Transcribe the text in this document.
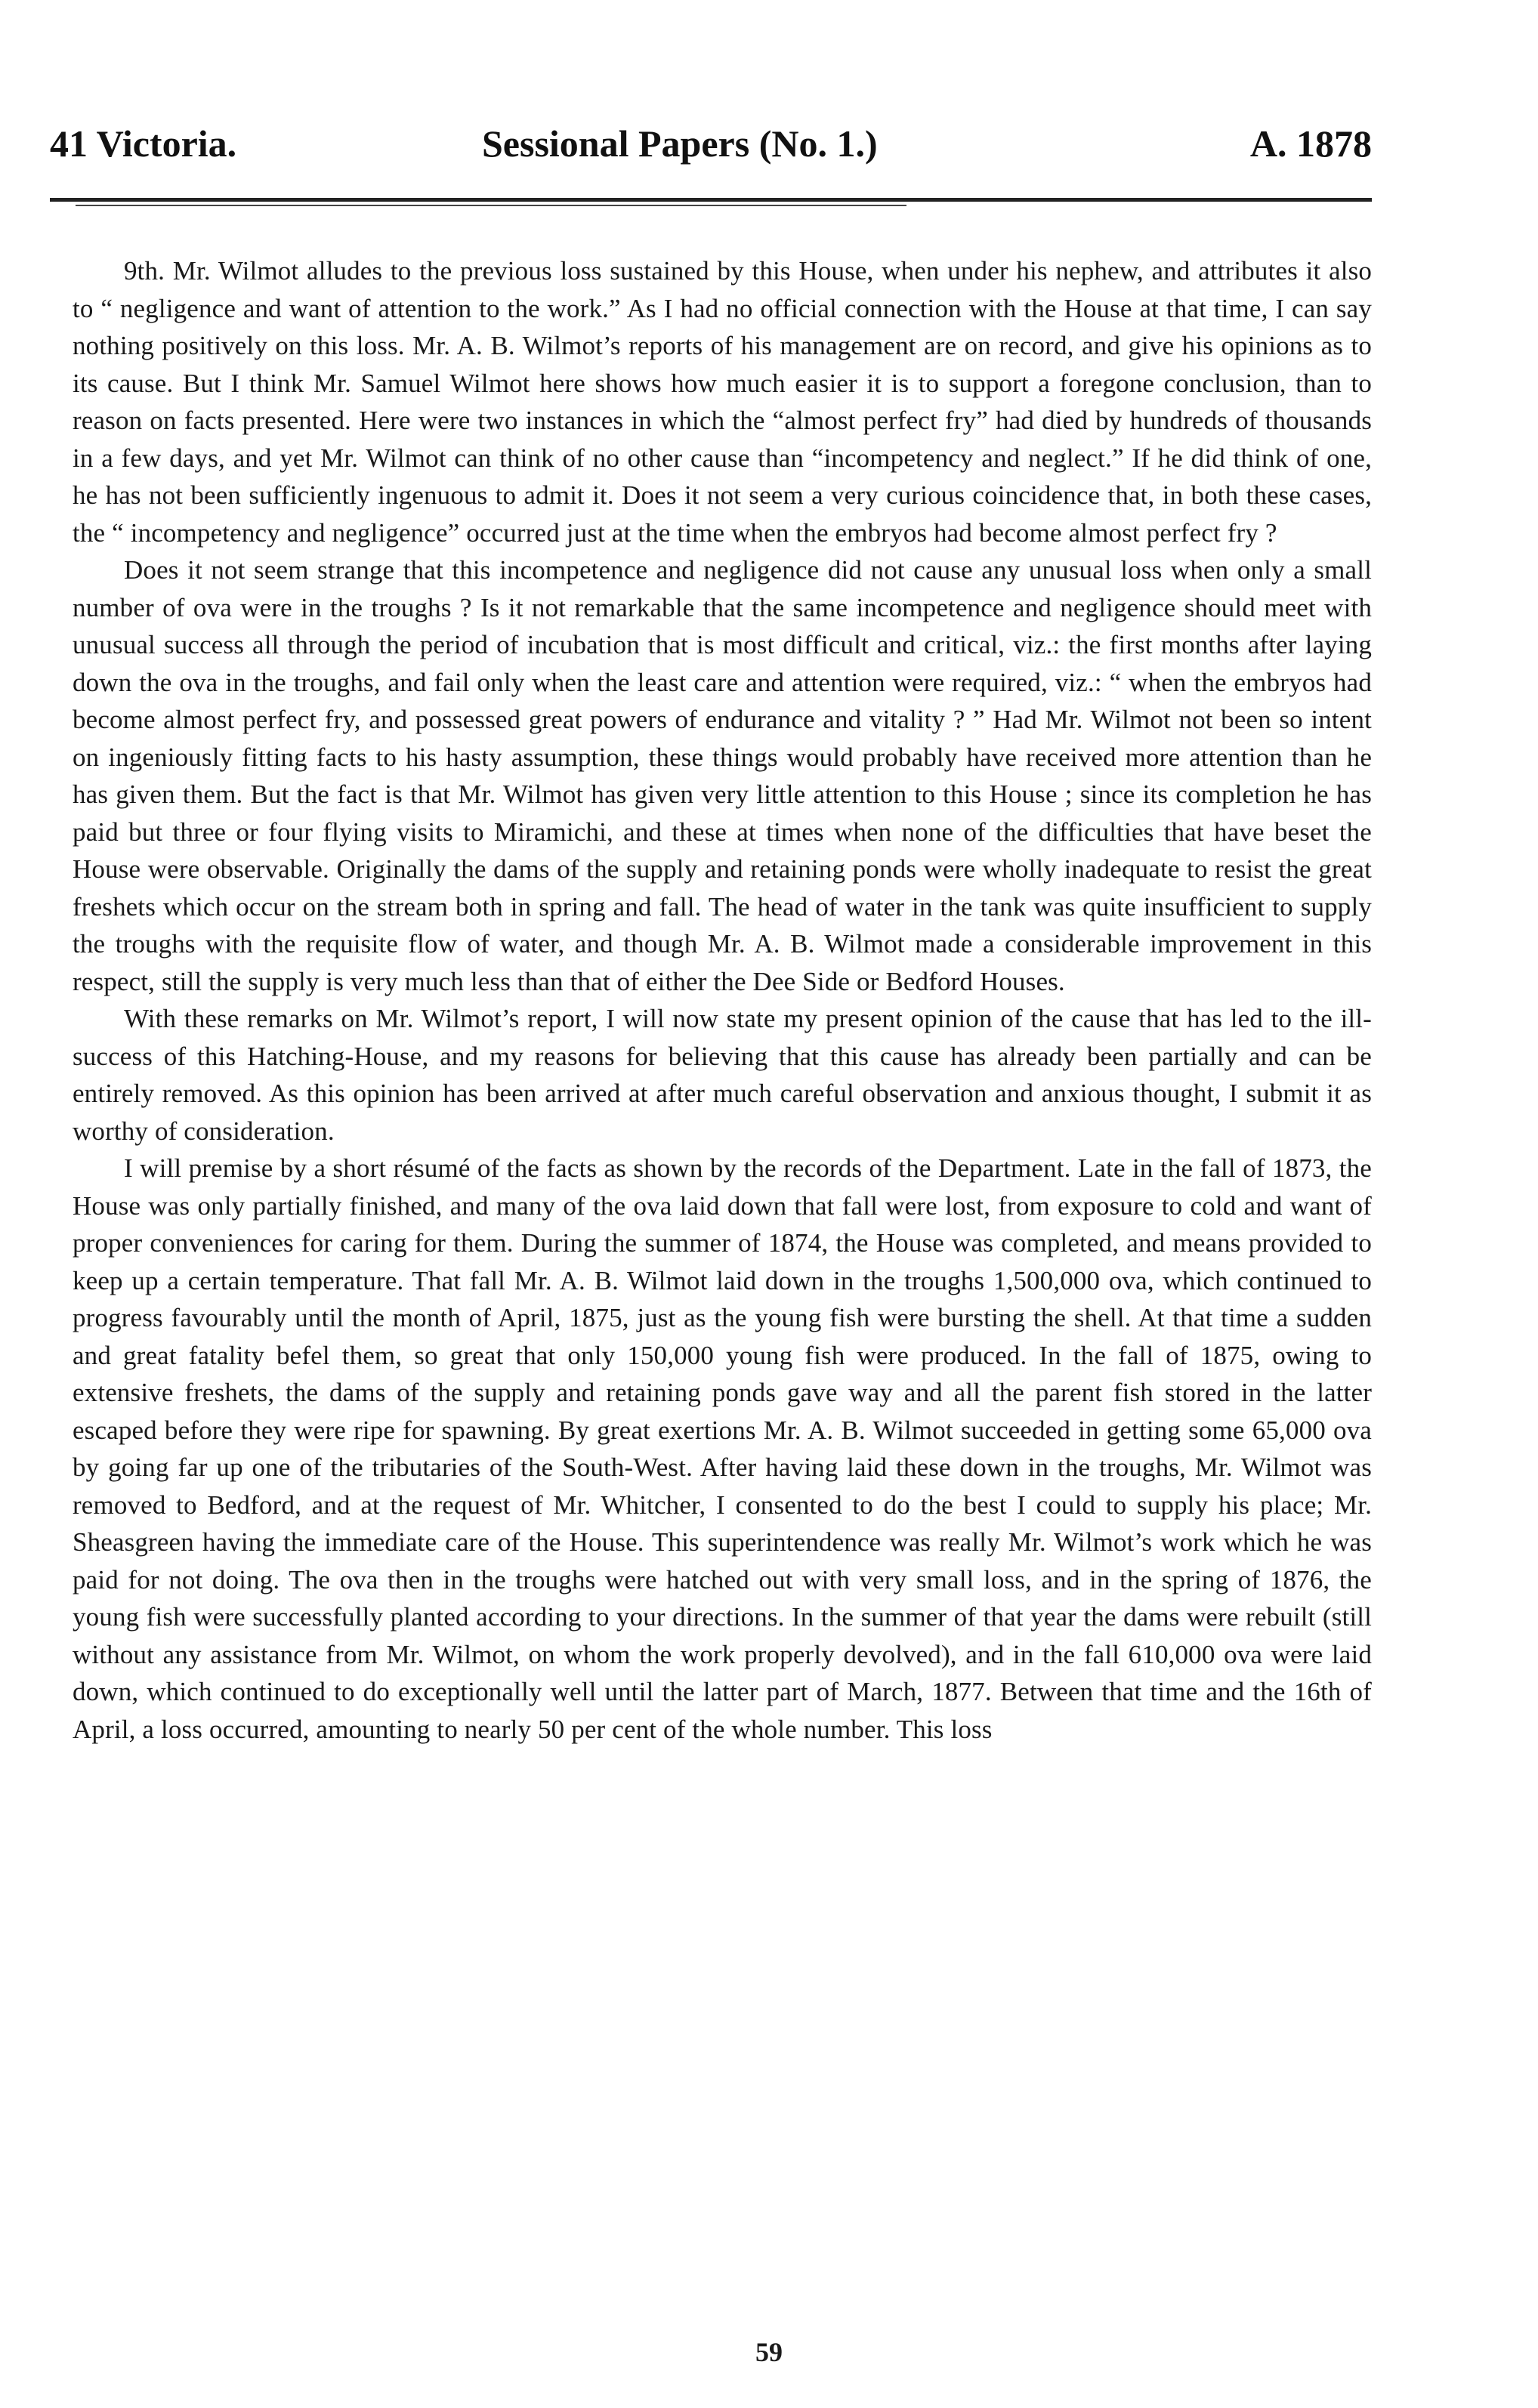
41 Victoria.	Sessional Papers (No. 1.)	A. 1878

9th. Mr. Wilmot alludes to the previous loss sustained by this House, when under his nephew, and attributes it also to “ negligence and want of attention to the work.” As I had no official connection with the House at that time, I can say nothing positively on this loss. Mr. A. B. Wilmot’s reports of his management are on record, and give his opinions as to its cause. But I think Mr. Samuel Wilmot here shows how much easier it is to support a foregone conclusion, than to reason on facts presented. Here were two instances in which the “almost perfect fry” had died by hundreds of thousands in a few days, and yet Mr. Wilmot can think of no other cause than “incompetency and neglect.” If he did think of one, he has not been sufficiently ingenuous to admit it. Does it not seem a very curious coincidence that, in both these cases, the “ incompetency and negligence” occurred just at the time when the embryos had become almost perfect fry ?

Does it not seem strange that this incompetence and negligence did not cause any unusual loss when only a small number of ova were in the troughs ? Is it not remarkable that the same incompetence and negligence should meet with unusual success all through the period of incubation that is most difficult and critical, viz.: the first months after laying down the ova in the troughs, and fail only when the least care and attention were required, viz.: “ when the embryos had become almost perfect fry, and possessed great powers of endurance and vitality ? ” Had Mr. Wilmot not been so intent on ingeniously fitting facts to his hasty assumption, these things would probably have received more attention than he has given them. But the fact is that Mr. Wilmot has given very little attention to this House ; since its completion he has paid but three or four flying visits to Miramichi, and these at times when none of the difficulties that have beset the House were observable. Originally the dams of the supply and retaining ponds were wholly inadequate to resist the great freshets which occur on the stream both in spring and fall. The head of water in the tank was quite insufficient to supply the troughs with the requisite flow of water, and though Mr. A. B. Wilmot made a considerable improvement in this respect, still the supply is very much less than that of either the Dee Side or Bedford Houses.

With these remarks on Mr. Wilmot’s report, I will now state my present opinion of the cause that has led to the ill-success of this Hatching-House, and my reasons for believing that this cause has already been partially and can be entirely removed. As this opinion has been arrived at after much careful observation and anxious thought, I submit it as worthy of consideration.

I will premise by a short résumé of the facts as shown by the records of the Department. Late in the fall of 1873, the House was only partially finished, and many of the ova laid down that fall were lost, from exposure to cold and want of proper conveniences for caring for them. During the summer of 1874, the House was completed, and means provided to keep up a certain temperature. That fall Mr. A. B. Wilmot laid down in the troughs 1,500,000 ova, which continued to progress favourably until the month of April, 1875, just as the young fish were bursting the shell. At that time a sudden and great fatality befel them, so great that only 150,000 young fish were produced. In the fall of 1875, owing to extensive freshets, the dams of the supply and retaining ponds gave way and all the parent fish stored in the latter escaped before they were ripe for spawning. By great exertions Mr. A. B. Wilmot succeeded in getting some 65,000 ova by going far up one of the tributaries of the South-West. After having laid these down in the troughs, Mr. Wilmot was removed to Bedford, and at the request of Mr. Whitcher, I consented to do the best I could to supply his place; Mr. Sheasgreen having the immediate care of the House. This superintendence was really Mr. Wilmot’s work which he was paid for not doing. The ova then in the troughs were hatched out with very small loss, and in the spring of 1876, the young fish were successfully planted according to your directions. In the summer of that year the dams were rebuilt (still without any assistance from Mr. Wilmot, on whom the work properly devolved), and in the fall 610,000 ova were laid down, which continued to do exceptionally well until the latter part of March, 1877. Between that time and the 16th of April, a loss occurred, amounting to nearly 50 per cent of the whole number. This loss

59
